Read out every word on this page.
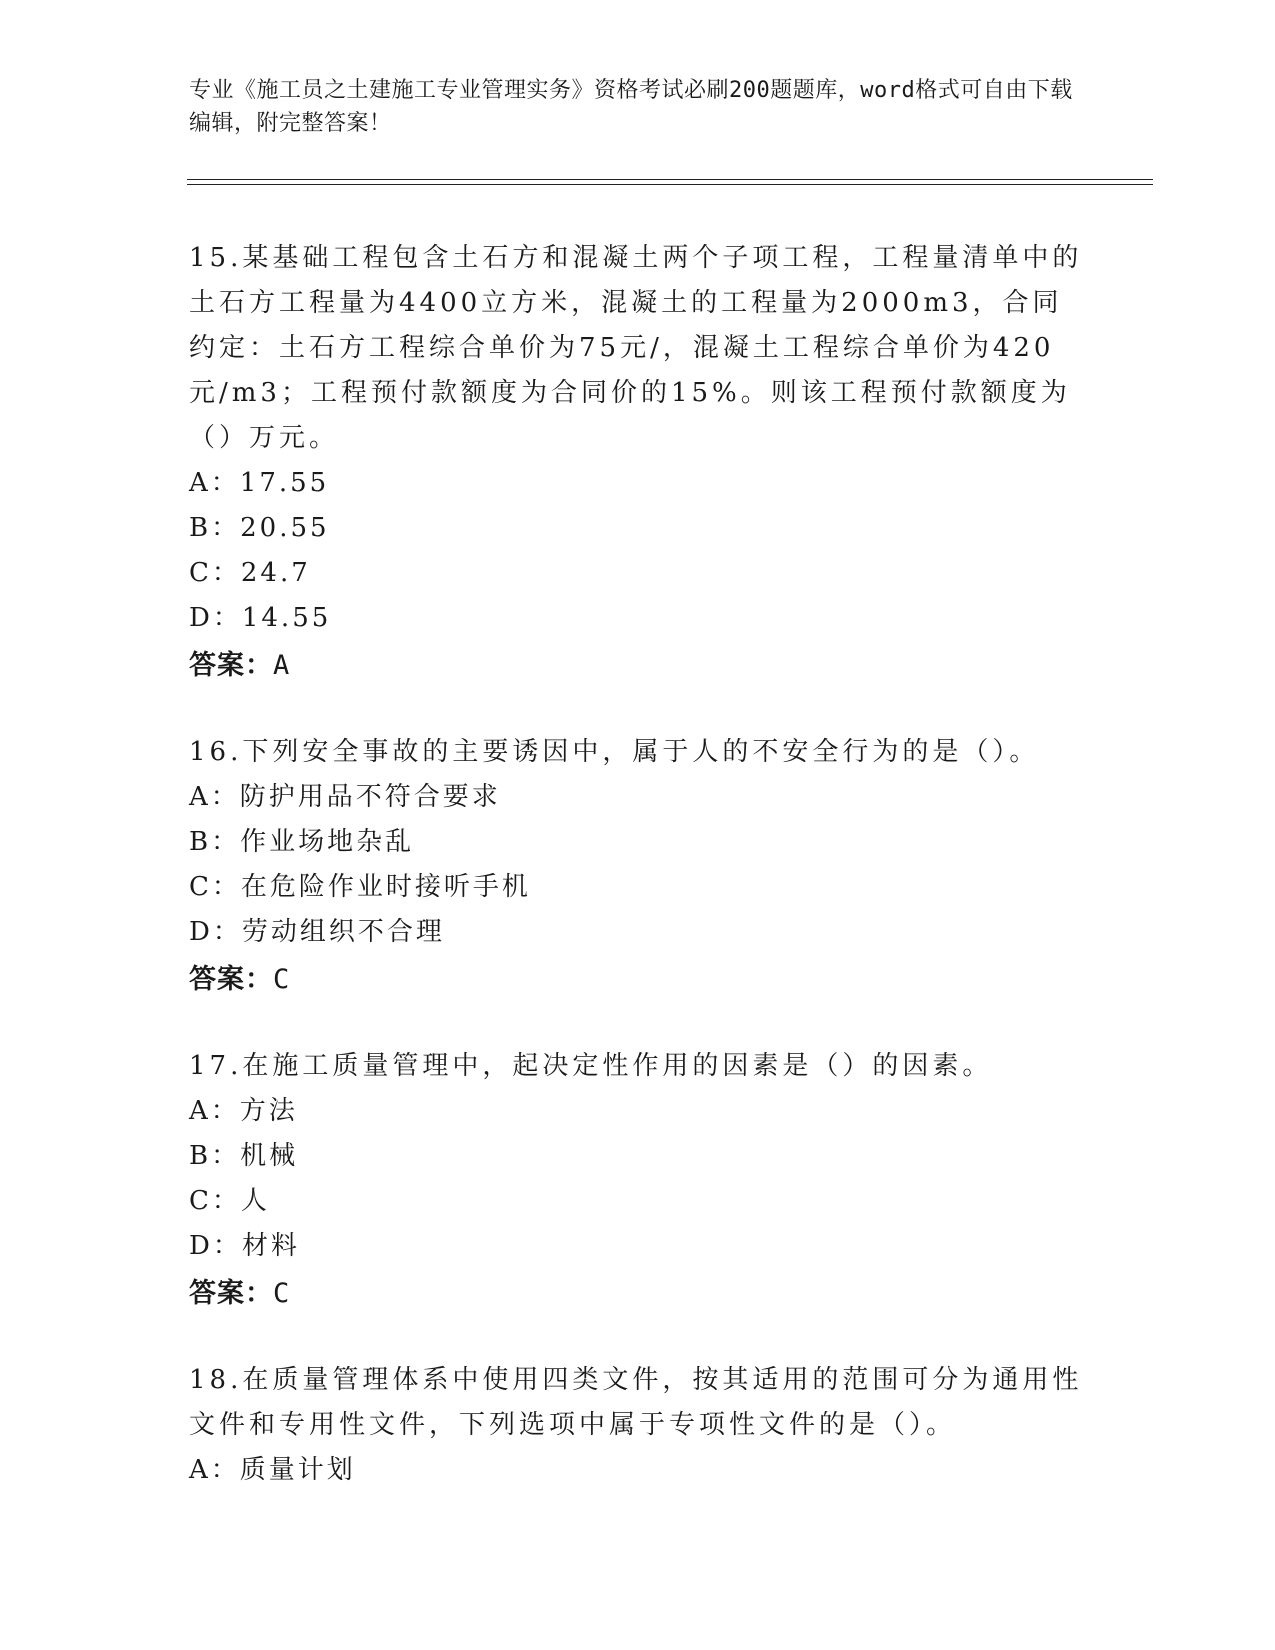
专业《施工员之土建施工专业管理实务》资格考试必刷200题题库，word格式可自由下载编辑，附完整答案！

15.某基础工程包含土石方和混凝土两个子项工程，工程量清单中的土石方工程量为4400立方米，混凝土的工程量为2000m3，合同约定：土石方工程综合单价为75元/，混凝土工程综合单价为420元/m3；工程预付款额度为合同价的15%。则该工程预付款额度为（）万元。

A：17.55

B：20.55

C：24.7

D：14.55

答案：A

16.下列安全事故的主要诱因中，属于人的不安全行为的是（）。

A：防护用品不符合要求

B：作业场地杂乱

C：在危险作业时接听手机

D：劳动组织不合理

答案：C

17.在施工质量管理中，起决定性作用的因素是（）的因素。

A：方法

B：机械

C：人

D：材料

答案：C

18.在质量管理体系中使用四类文件，按其适用的范围可分为通用性文件和专用性文件，下列选项中属于专项性文件的是（）。

A：质量计划
